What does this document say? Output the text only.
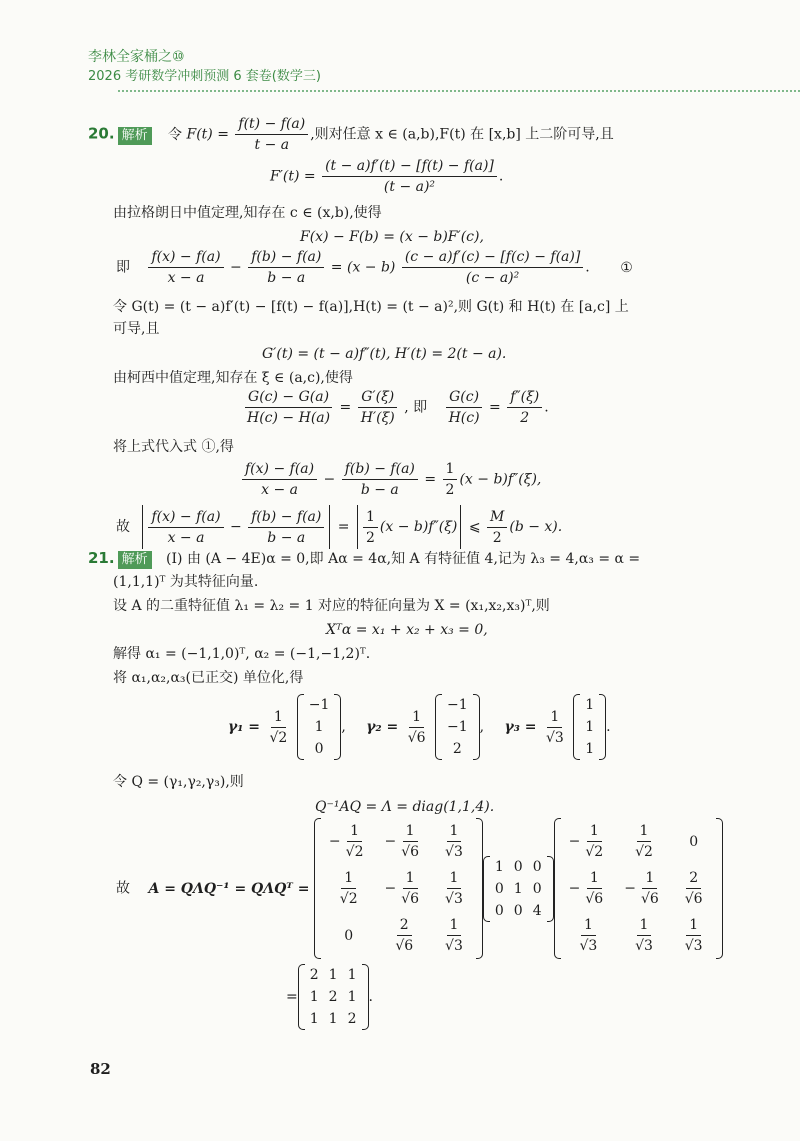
李林全家桶之⑩
2026 考研数学冲刺预测 6 套卷(数学三)
20. 解析 令 $F(t) = \frac{f(t) - f(a)}{t - a}$ ,则对任意 x ∈ (a,b),F(t) 在 [x,b] 上二阶可导,且
$F'(t) = \frac{(t - a)f'(t) - [f(t) - f(a)]}{\text{(t − a)²}}$ .
由拉格朗日中值定理,知存在 c ∈ (x,b),使得
F(x) − F(b) = (x − b)F′(c),
即 $\frac{f(x) - f(a)}{x - a} - \frac{f(b) - f(a)}{b - a} = (x - b) \frac{(c - a)f'(c) - [f(c) - f(a)]}{\text{(c − a)²}}$ . ①
令 G(t) = (t − a)f′(t) − [f(t) − f(a)],H(t) = (t − a)²,则 G(t) 和 H(t) 在 [a,c] 上
可导,且
G′(t) = (t − a)f″(t), H′(t) = 2(t − a).
由柯西中值定理,知存在 ξ ∈ (a,c),使得
$\frac{G(c) - G(a)}{H(c) - H(a)} = \frac{G'(\xi)}{H'(\xi)}$ , 即 $\frac{G(c)}{H(c)} = \frac{f''(\xi)}{2}$ .
将上式代入式 ①,得
$\frac{f(x) - f(a)}{x - a} - \frac{f(b) - f(a)}{b - a} = \frac{1}{2} (x - b)f''(\xi)$,
故 $\frac{f(x) - f(a)}{x - a} - \frac{f(b) - f(a)}{b - a} = \frac{1}{2} (x - b)f''(\xi)$ ⩽ $\frac{M}{2} (b - x)$.
21. 解析 (Ⅰ) 由 (A − 4E)α = 0,即 Aα = 4α,知 A 有特征值 4,记为 λ₃ = 4,α₃ = α =
(1,1,1)ᵀ 为其特征向量.
设 A 的二重特征值 λ₁ = λ₂ = 1 对应的特征向量为 X = (x₁,x₂,x₃)ᵀ,则
Xᵀα = x₁ + x₂ + x₃ = 0,
解得 α₁ = (−1,1,0)ᵀ, α₂ = (−1,−1,2)ᵀ.
将 α₁,α₂,α₃(已正交) 单位化,得
$\gamma_1 = \frac{1}{√2}$

−1
1
0
, $\gamma_2 = \frac{1}{√6}$

−1
−1
2
, $\gamma_3 = \frac{1}{√3}$

1
1
1
.
令 Q = (γ₁,γ₂,γ₃),则
Q⁻¹AQ = Λ = diag(1,1,4).
故 A = QΛQ⁻¹ = QΛQᵀ =
− $\frac{1}{√2}$	− $\frac{1}{√6}$	$\frac{1}{√3}$

$\frac{1}{√2}$	− $\frac{1}{√6}$	$\frac{1}{√3}$

0	$\frac{2}{√6}$	$\frac{1}{√3}$
1	0	0
0	1	0
0	0	4
− $\frac{1}{√2}$	$\frac{1}{√2}$	0
− $\frac{1}{√6}$	− $\frac{1}{√6}$	$\frac{2}{√6}$

$\frac{1}{√3}$	$\frac{1}{√3}$	$\frac{1}{√3}$
=
2	1	1
1	2	1
1	1	2
.
82
